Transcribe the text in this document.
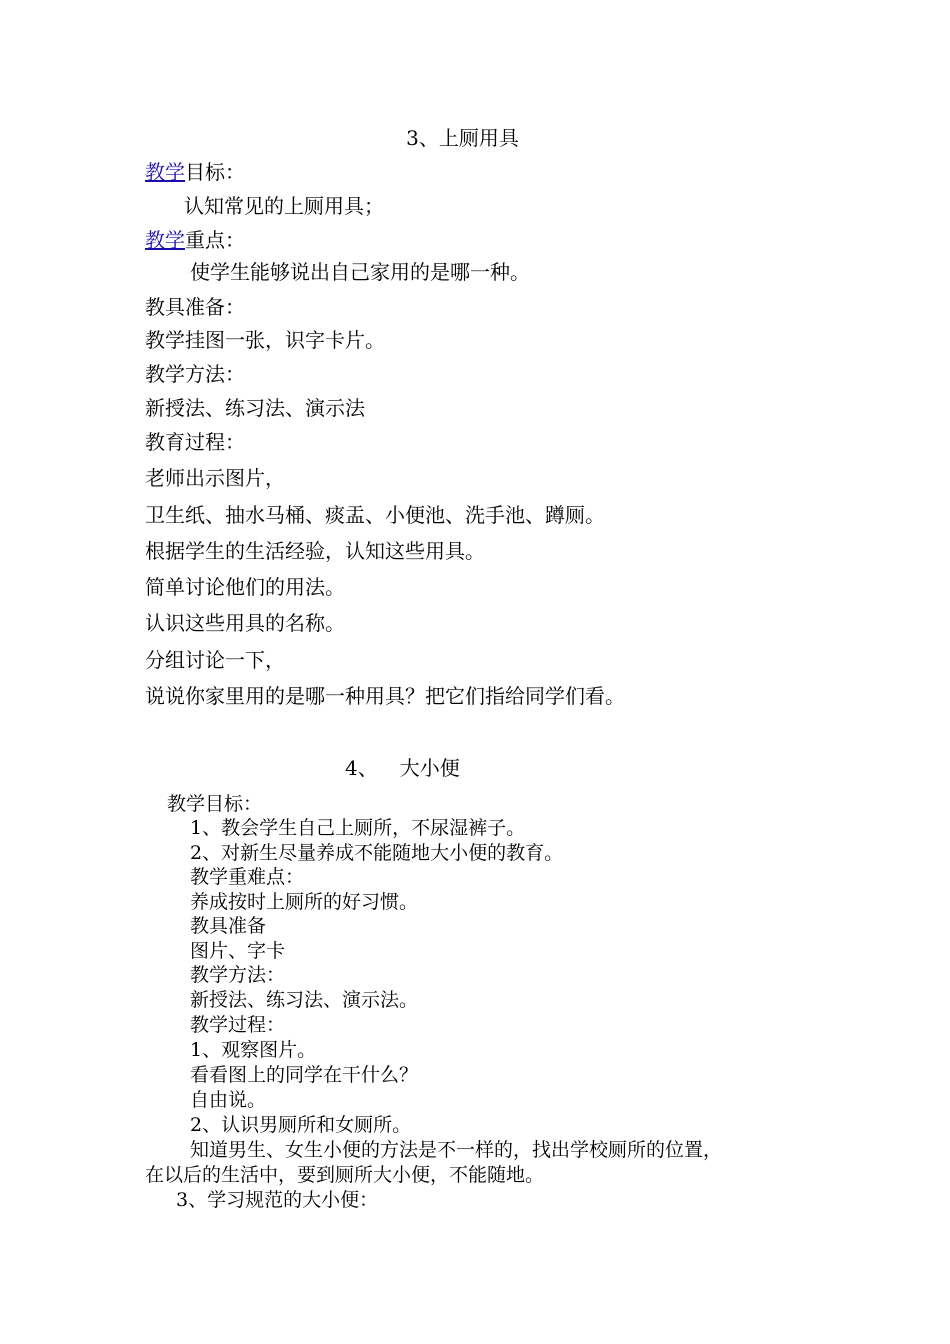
3、上厕用具
教学目标：
认知常见的上厕用具；
教学重点：
使学生能够说出自己家用的是哪一种。
教具准备：
教学挂图一张，识字卡片。
教学方法：
新授法、练习法、演示法
教育过程：
老师出示图片，
卫生纸、抽水马桶、痰盂、小便池、洗手池、蹲厕。
根据学生的生活经验，认知这些用具。
简单讨论他们的用法。
认识这些用具的名称。
分组讨论一下，
说说你家里用的是哪一种用具？把它们指给同学们看。
4、 大小便
教学目标：
1、教会学生自己上厕所，不尿湿裤子。
2、对新生尽量养成不能随地大小便的教育。
教学重难点：
养成按时上厕所的好习惯。
教具准备
图片、字卡
教学方法：
新授法、练习法、演示法。
教学过程：
1、观察图片。
看看图上的同学在干什么？
自由说。
2、认识男厕所和女厕所。
知道男生、女生小便的方法是不一样的，找出学校厕所的位置，
在以后的生活中，要到厕所大小便，不能随地。
3、学习规范的大小便：
